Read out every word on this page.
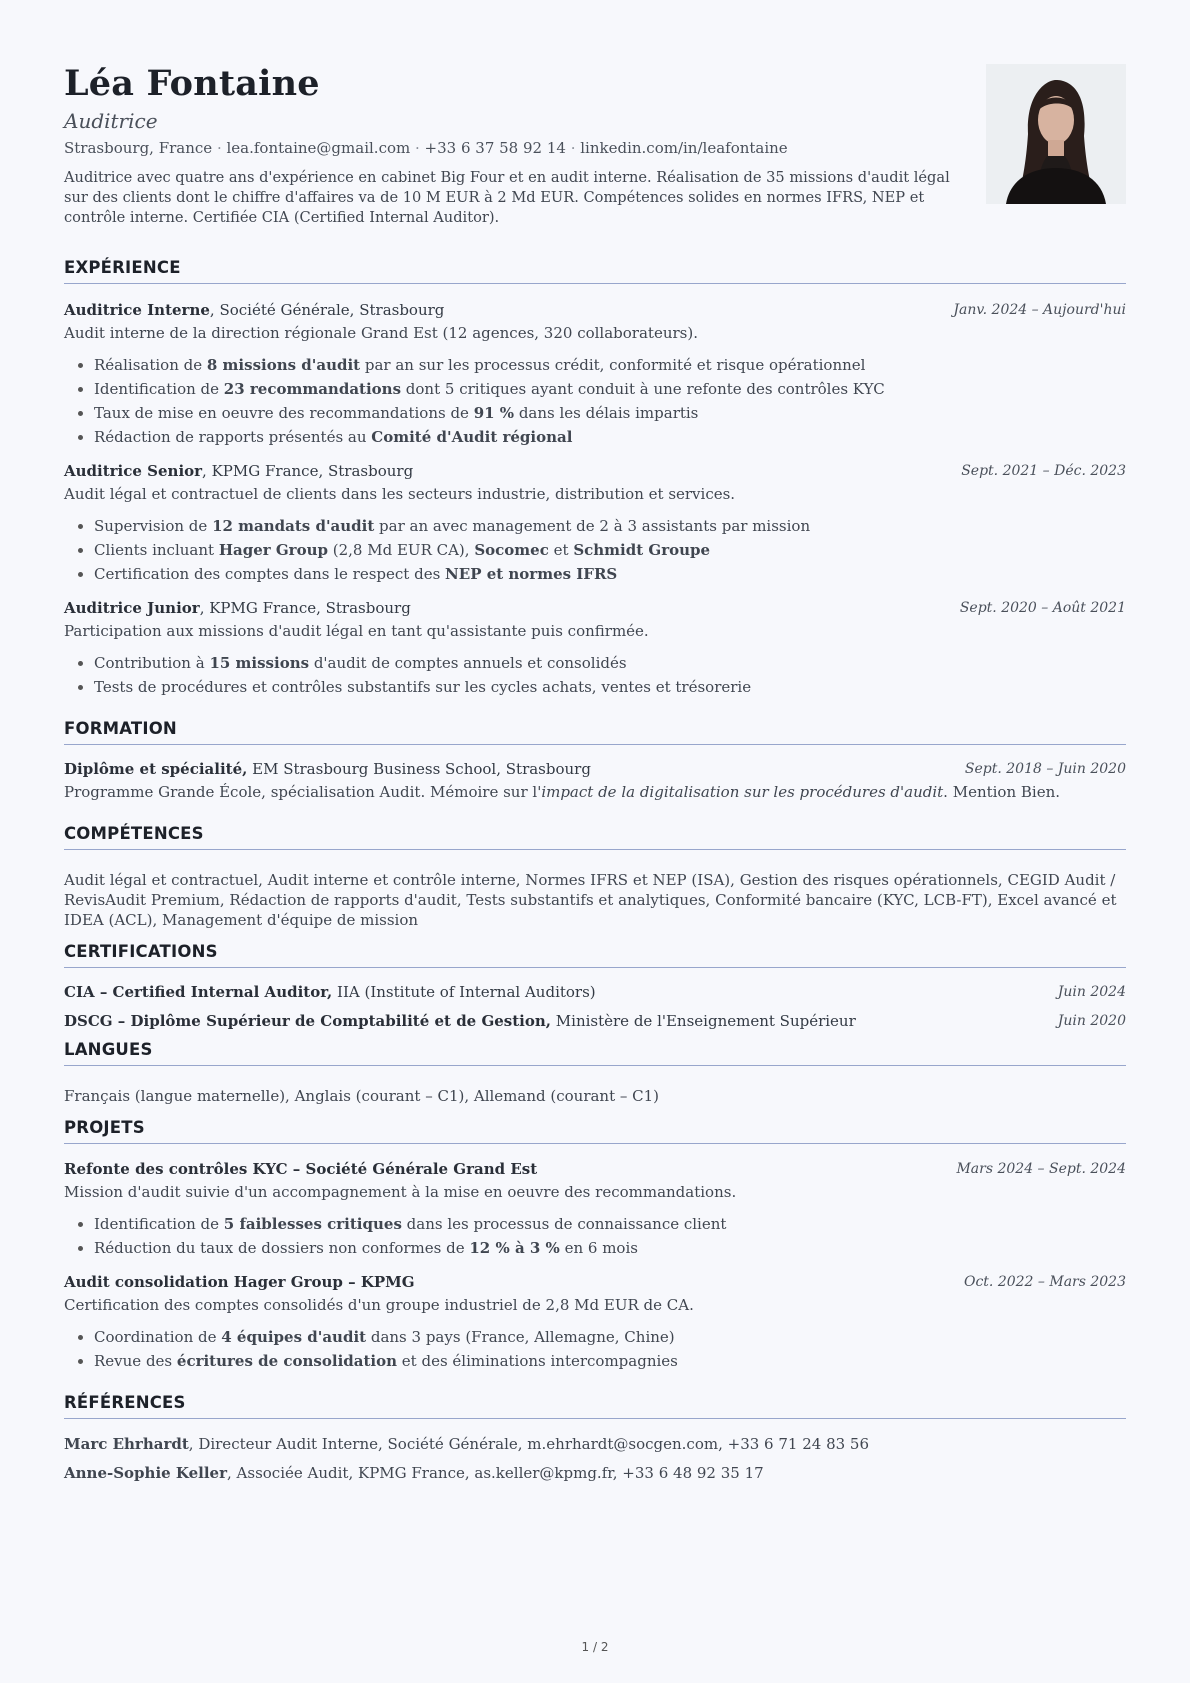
Léa Fontaine
Auditrice
Strasbourg, France · lea.fontaine@gmail.com · +33 6 37 58 92 14 · linkedin.com/in/leafontaine
Auditrice avec quatre ans d'expérience en cabinet Big Four et en audit interne. Réalisation de 35 missions d'audit légal sur des clients dont le chiffre d'affaires va de 10 M EUR à 2 Md EUR. Compétences solides en normes IFRS, NEP et contrôle interne. Certifiée CIA (Certified Internal Auditor).
EXPÉRIENCE
Auditrice Interne, Société Générale, Strasbourg	Janv. 2024 – Aujourd'hui
Audit interne de la direction régionale Grand Est (12 agences, 320 collaborateurs).
• Réalisation de 8 missions d'audit par an sur les processus crédit, conformité et risque opérationnel
• Identification de 23 recommandations dont 5 critiques ayant conduit à une refonte des contrôles KYC
• Taux de mise en oeuvre des recommandations de 91 % dans les délais impartis
• Rédaction de rapports présentés au Comité d'Audit régional
Auditrice Senior, KPMG France, Strasbourg	Sept. 2021 – Déc. 2023
Audit légal et contractuel de clients dans les secteurs industrie, distribution et services.
• Supervision de 12 mandats d'audit par an avec management de 2 à 3 assistants par mission
• Clients incluant Hager Group (2,8 Md EUR CA), Socomec et Schmidt Groupe
• Certification des comptes dans le respect des NEP et normes IFRS
Auditrice Junior, KPMG France, Strasbourg	Sept. 2020 – Août 2021
Participation aux missions d'audit légal en tant qu'assistante puis confirmée.
• Contribution à 15 missions d'audit de comptes annuels et consolidés
• Tests de procédures et contrôles substantifs sur les cycles achats, ventes et trésorerie
FORMATION
Diplôme et spécialité, EM Strasbourg Business School, Strasbourg	Sept. 2018 – Juin 2020
Programme Grande École, spécialisation Audit. Mémoire sur l'impact de la digitalisation sur les procédures d'audit. Mention Bien.
COMPÉTENCES
Audit légal et contractuel, Audit interne et contrôle interne, Normes IFRS et NEP (ISA), Gestion des risques opérationnels, CEGID Audit / RevisAudit Premium, Rédaction de rapports d'audit, Tests substantifs et analytiques, Conformité bancaire (KYC, LCB-FT), Excel avancé et IDEA (ACL), Management d'équipe de mission
CERTIFICATIONS
CIA – Certified Internal Auditor, IIA (Institute of Internal Auditors)	Juin 2024
DSCG – Diplôme Supérieur de Comptabilité et de Gestion, Ministère de l'Enseignement Supérieur	Juin 2020
LANGUES
Français (langue maternelle), Anglais (courant – C1), Allemand (courant – C1)
PROJETS
Refonte des contrôles KYC – Société Générale Grand Est	Mars 2024 – Sept. 2024
Mission d'audit suivie d'un accompagnement à la mise en oeuvre des recommandations.
• Identification de 5 faiblesses critiques dans les processus de connaissance client
• Réduction du taux de dossiers non conformes de 12 % à 3 % en 6 mois
Audit consolidation Hager Group – KPMG	Oct. 2022 – Mars 2023
Certification des comptes consolidés d'un groupe industriel de 2,8 Md EUR de CA.
• Coordination de 4 équipes d'audit dans 3 pays (France, Allemagne, Chine)
• Revue des écritures de consolidation et des éliminations intercompagnies
RÉFÉRENCES
Marc Ehrhardt, Directeur Audit Interne, Société Générale, m.ehrhardt@socgen.com, +33 6 71 24 83 56
Anne-Sophie Keller, Associée Audit, KPMG France, as.keller@kpmg.fr, +33 6 48 92 35 17
1 / 2
